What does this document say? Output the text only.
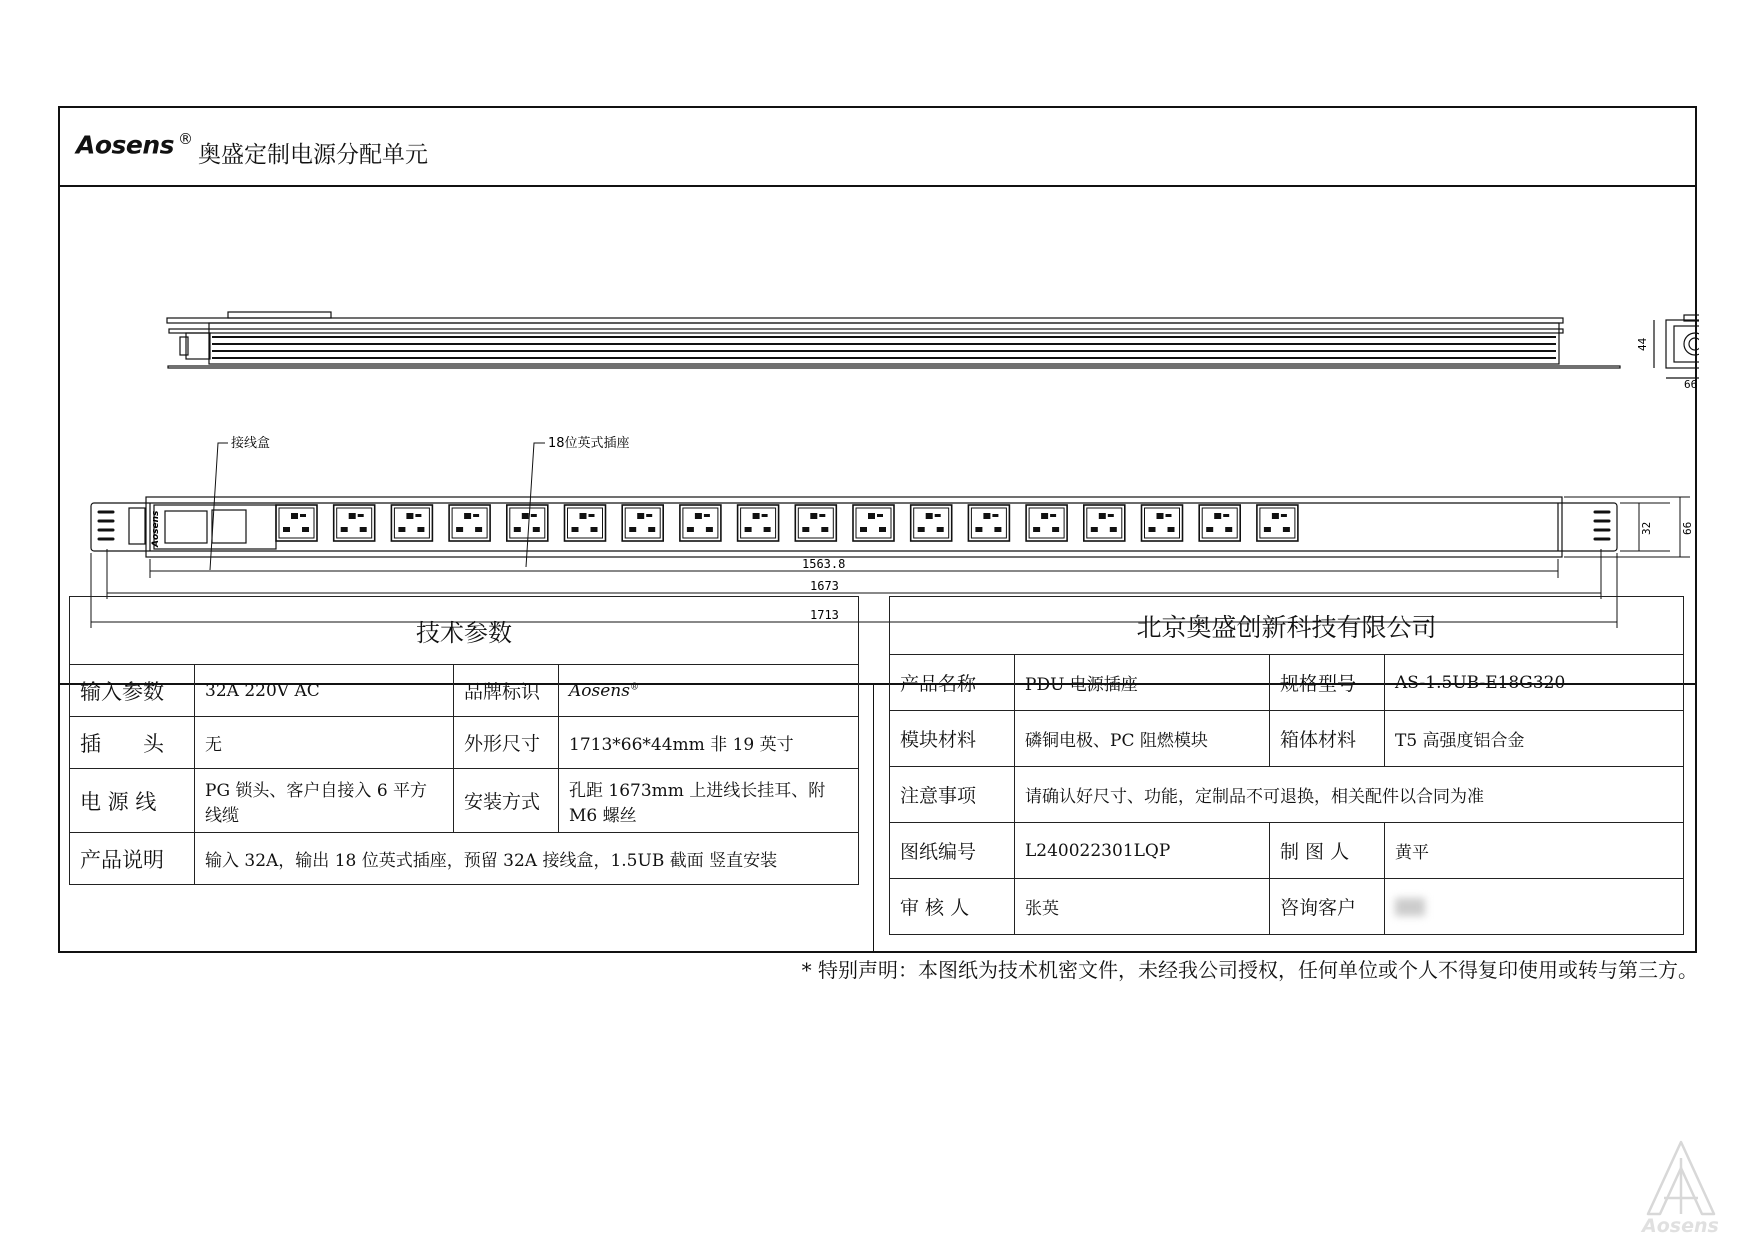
Aosens ®
奥盛定制电源分配单元
44
66
接线盒	18位英式插座
Aosens
1563.8
1673
1713
32	66
技术参数			
输入参数	32A 220V AC	品牌标识	Aosens®
插　　头	无	外形尺寸	1713*66*44mm 非 19 英寸
电 源 线	PG 锁头、客户自接入 6 平方线缆	安装方式	孔距 1673mm 上进线长挂耳、附 M6 螺丝
产品说明	输入 32A，输出 18 位英式插座，预留 32A 接线盒，1.5UB 截面 竖直安装		
北京奥盛创新科技有限公司			
产品名称	PDU 电源插座	规格型号	AS-1.5UB-E18G320
模块材料	磷铜电极、PC 阻燃模块	箱体材料	T5 高强度铝合金
注意事项	请确认好尺寸、功能，定制品不可退换，相关配件以合同为准		
图纸编号	L240022301LQP	制 图 人	黄平
审 核 人	张英	咨询客户	
* 特别声明：本图纸为技术机密文件，未经我公司授权，任何单位或个人不得复印使用或转与第三方。
Aosens
